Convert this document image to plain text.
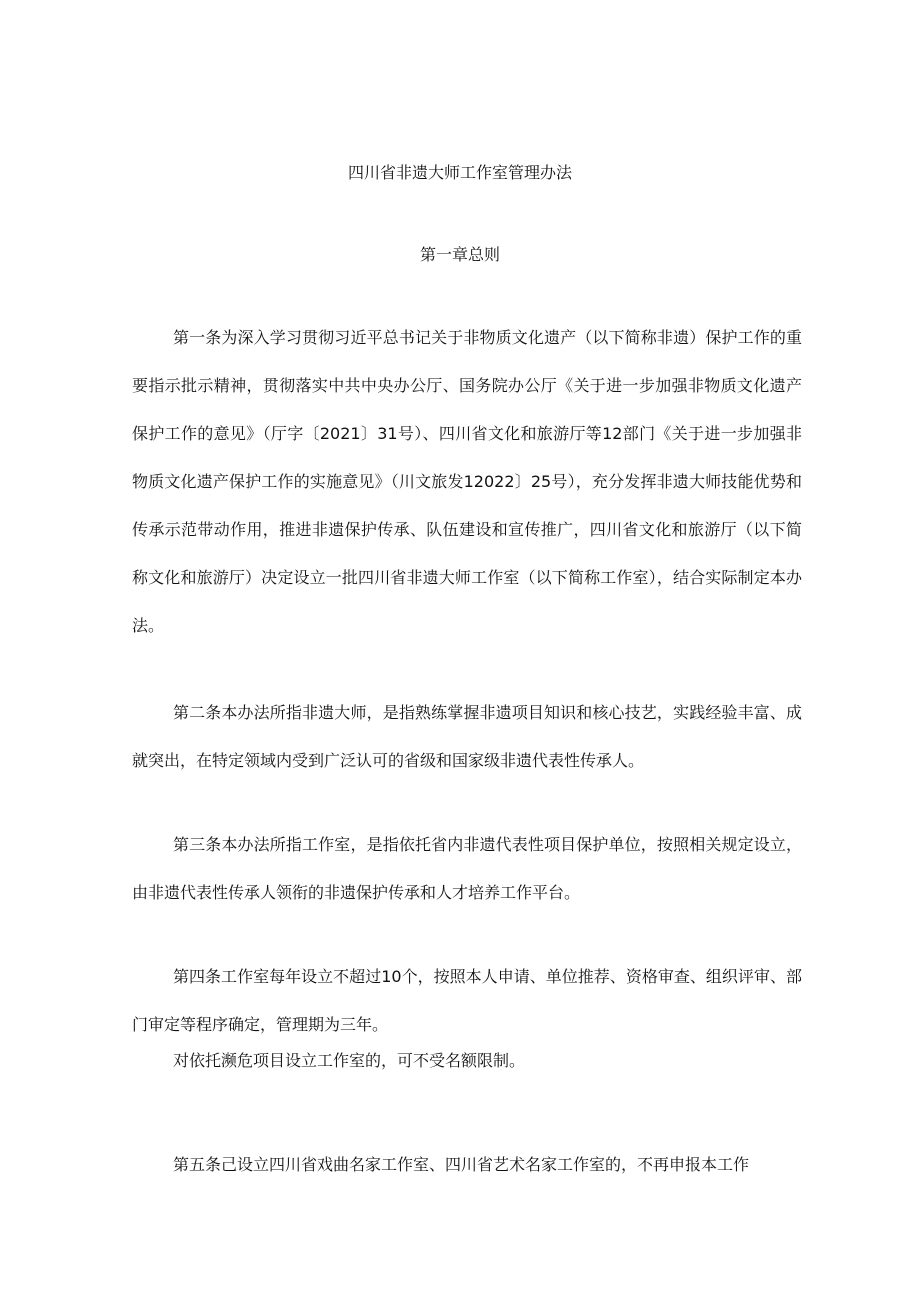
四川省非遗大师工作室管理办法
第一章总则

第一条为深入学习贯彻习近平总书记关于非物质文化遗产（以下简称非遗）保护工作的重要指示批示精神，贯彻落实中共中央办公厅、国务院办公厅《关于进一步加强非物质文化遗产保护工作的意见》（厅字〔2021〕31号）、四川省文化和旅游厅等12部门《关于进一步加强非物质文化遗产保护工作的实施意见》（川文旅发12022〕25号），充分发挥非遗大师技能优势和传承示范带动作用，推进非遗保护传承、队伍建设和宣传推广，四川省文化和旅游厅（以下简称文化和旅游厅）决定设立一批四川省非遗大师工作室（以下简称工作室），结合实际制定本办法。

第二条本办法所指非遗大师，是指熟练掌握非遗项目知识和核心技艺，实践经验丰富、成就突出，在特定领域内受到广泛认可的省级和国家级非遗代表性传承人。

第三条本办法所指工作室，是指依托省内非遗代表性项目保护单位，按照相关规定设立，由非遗代表性传承人领衔的非遗保护传承和人才培养工作平台。

第四条工作室每年设立不超过10个，按照本人申请、单位推荐、资格审查、组织评审、部门审定等程序确定，管理期为三年。

对依托濒危项目设立工作室的，可不受名额限制。

第五条己设立四川省戏曲名家工作室、四川省艺术名家工作室的，不再申报本工作
